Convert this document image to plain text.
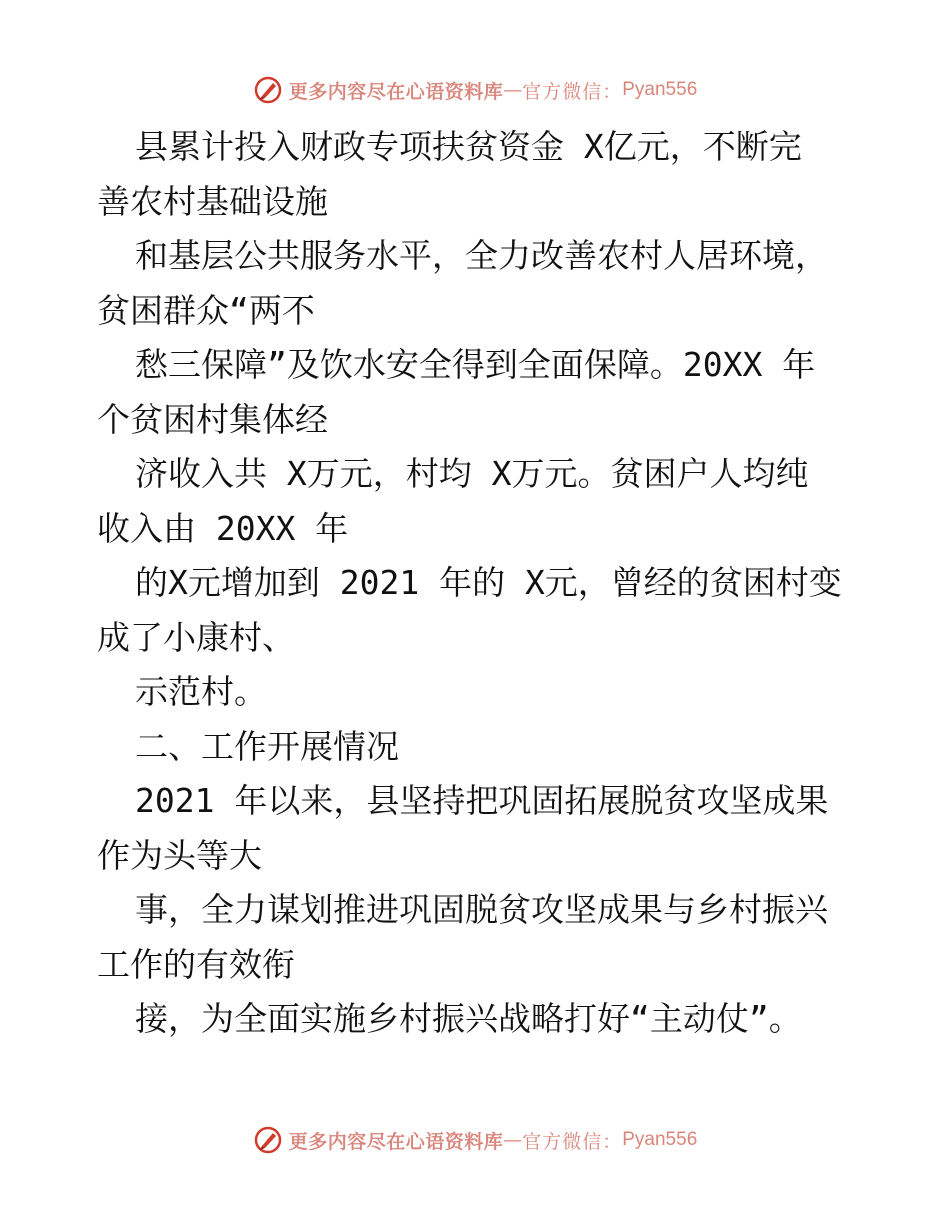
更多内容尽在心语资料库 — 官方微信： Pyan556
县累计投入财政专项扶贫资金 X亿元，不断完
善农村基础设施
和基层公共服务水平，全力改善农村人居环境，
贫困群众“两不
愁三保障”及饮水安全得到全面保障。20XX 年
个贫困村集体经
济收入共 X万元，村均 X万元。贫困户人均纯
收入由 20XX 年
的X元增加到 2021 年的 X元，曾经的贫困村变
成了小康村、
示范村。
二、工作开展情况
2021 年以来，县坚持把巩固拓展脱贫攻坚成果
作为头等大
事，全力谋划推进巩固脱贫攻坚成果与乡村振兴
工作的有效衔
接，为全面实施乡村振兴战略打好“主动仗”。
更多内容尽在心语资料库 — 官方微信： Pyan556
